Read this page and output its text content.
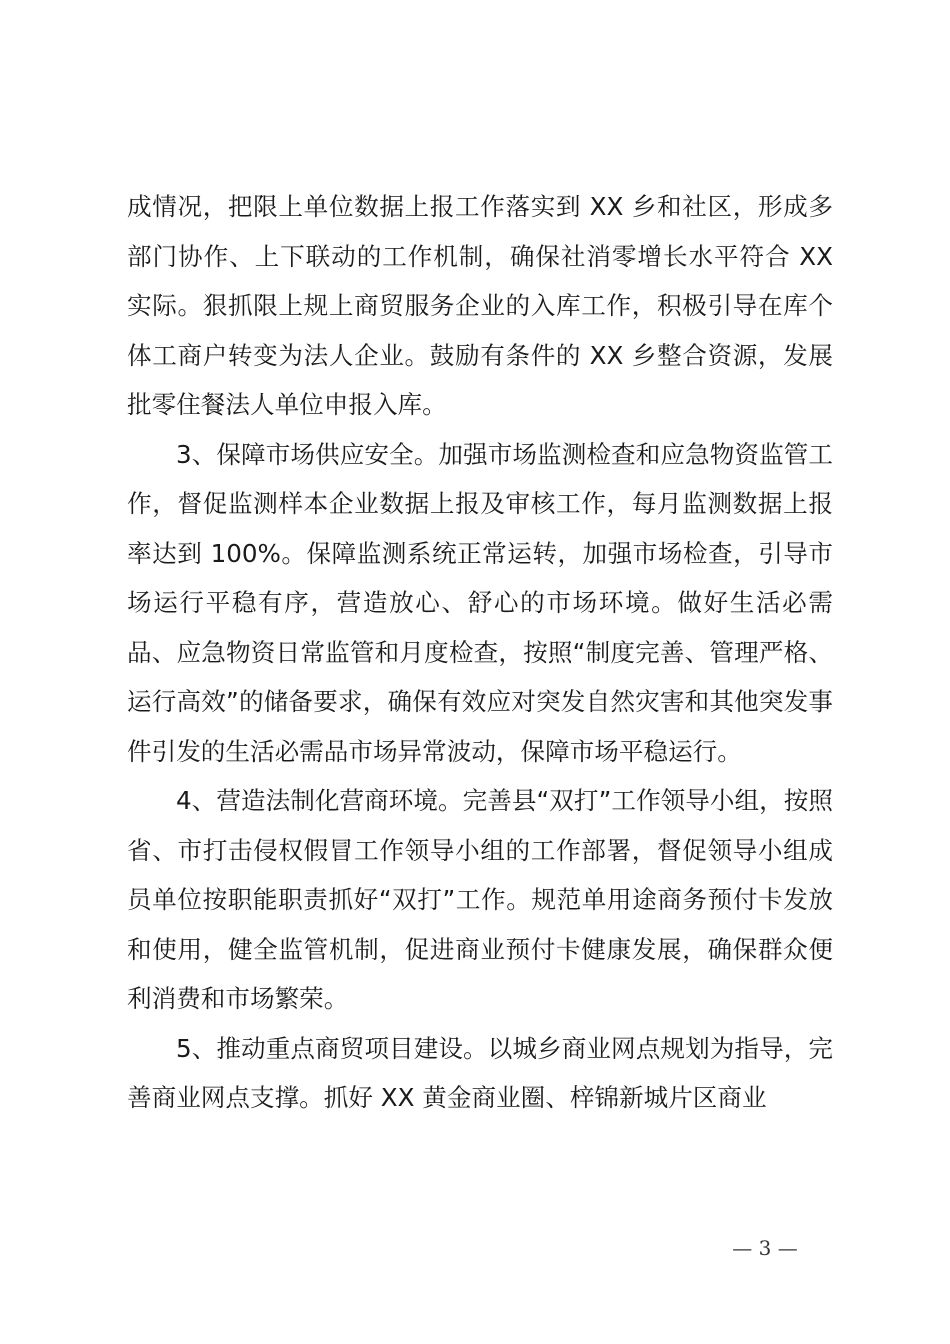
成情况，把限上单位数据上报工作落实到 XX 乡和社区，形成多部门协作、上下联动的工作机制，确保社消零增长水平符合 XX 实际。狠抓限上规上商贸服务企业的入库工作，积极引导在库个体工商户转变为法人企业。鼓励有条件的 XX 乡整合资源，发展批零住餐法人单位申报入库。

3、保障市场供应安全。加强市场监测检查和应急物资监管工作，督促监测样本企业数据上报及审核工作，每月监测数据上报率达到 100%。保障监测系统正常运转，加强市场检查，引导市场运行平稳有序，营造放心、舒心的市场环境。做好生活必需品、应急物资日常监管和月度检查，按照“制度完善、管理严格、运行高效”的储备要求，确保有效应对突发自然灾害和其他突发事件引发的生活必需品市场异常波动，保障市场平稳运行。

4、营造法制化营商环境。完善县“双打”工作领导小组，按照省、市打击侵权假冒工作领导小组的工作部署，督促领导小组成员单位按职能职责抓好“双打”工作。规范单用途商务预付卡发放和使用，健全监管机制，促进商业预付卡健康发展，确保群众便利消费和市场繁荣。

5、推动重点商贸项目建设。以城乡商业网点规划为指导，完善商业网点支撑。抓好 XX 黄金商业圈、梓锦新城片区商业

— 3 —
